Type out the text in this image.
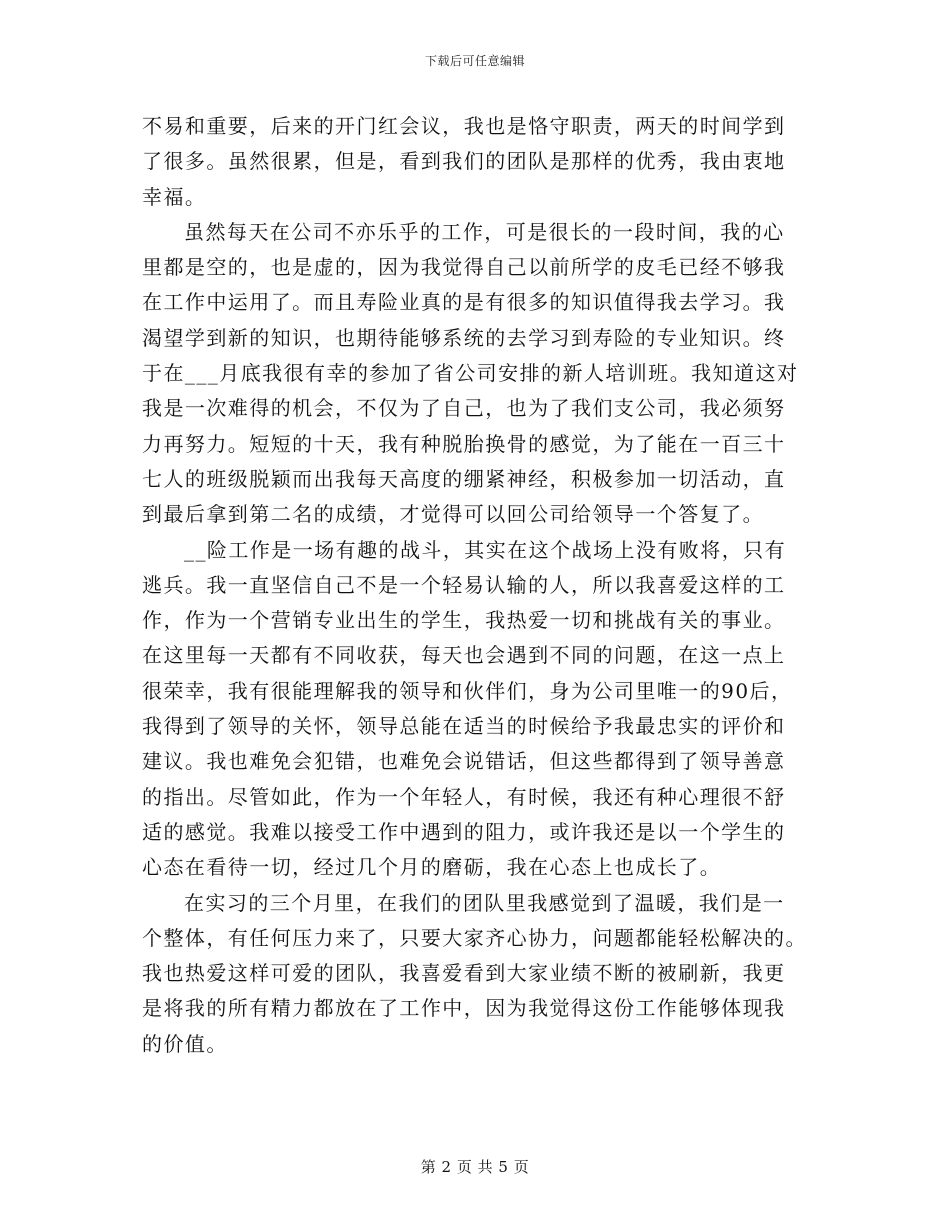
下载后可任意编辑
不易和重要，后来的开门红会议，我也是恪守职责，两天的时间学到
了很多。虽然很累，但是，看到我们的团队是那样的优秀，我由衷地
幸福。
虽然每天在公司不亦乐乎的工作，可是很长的一段时间，我的心
里都是空的，也是虚的，因为我觉得自己以前所学的皮毛已经不够我
在工作中运用了。而且寿险业真的是有很多的知识值得我去学习。我
渴望学到新的知识，也期待能够系统的去学习到寿险的专业知识。终
于在___月底我很有幸的参加了省公司安排的新人培训班。我知道这对
我是一次难得的机会，不仅为了自己，也为了我们支公司，我必须努
力再努力。短短的十天，我有种脱胎换骨的感觉，为了能在一百三十
七人的班级脱颖而出我每天高度的绷紧神经，积极参加一切活动，直
到最后拿到第二名的成绩，才觉得可以回公司给领导一个答复了。
__险工作是一场有趣的战斗，其实在这个战场上没有败将，只有
逃兵。我一直坚信自己不是一个轻易认输的人，所以我喜爱这样的工
作，作为一个营销专业出生的学生，我热爱一切和挑战有关的事业。
在这里每一天都有不同收获，每天也会遇到不同的问题，在这一点上
很荣幸，我有很能理解我的领导和伙伴们，身为公司里唯一的90后，
我得到了领导的关怀，领导总能在适当的时候给予我最忠实的评价和
建议。我也难免会犯错，也难免会说错话，但这些都得到了领导善意
的指出。尽管如此，作为一个年轻人，有时候，我还有种心理很不舒
适的感觉。我难以接受工作中遇到的阻力，或许我还是以一个学生的
心态在看待一切，经过几个月的磨砺，我在心态上也成长了。
在实习的三个月里，在我们的团队里我感觉到了温暖，我们是一
个整体，有任何压力来了，只要大家齐心协力，问题都能轻松解决的。
我也热爱这样可爱的团队，我喜爱看到大家业绩不断的被刷新，我更
是将我的所有精力都放在了工作中，因为我觉得这份工作能够体现我
的价值。
第 2 页 共 5 页
